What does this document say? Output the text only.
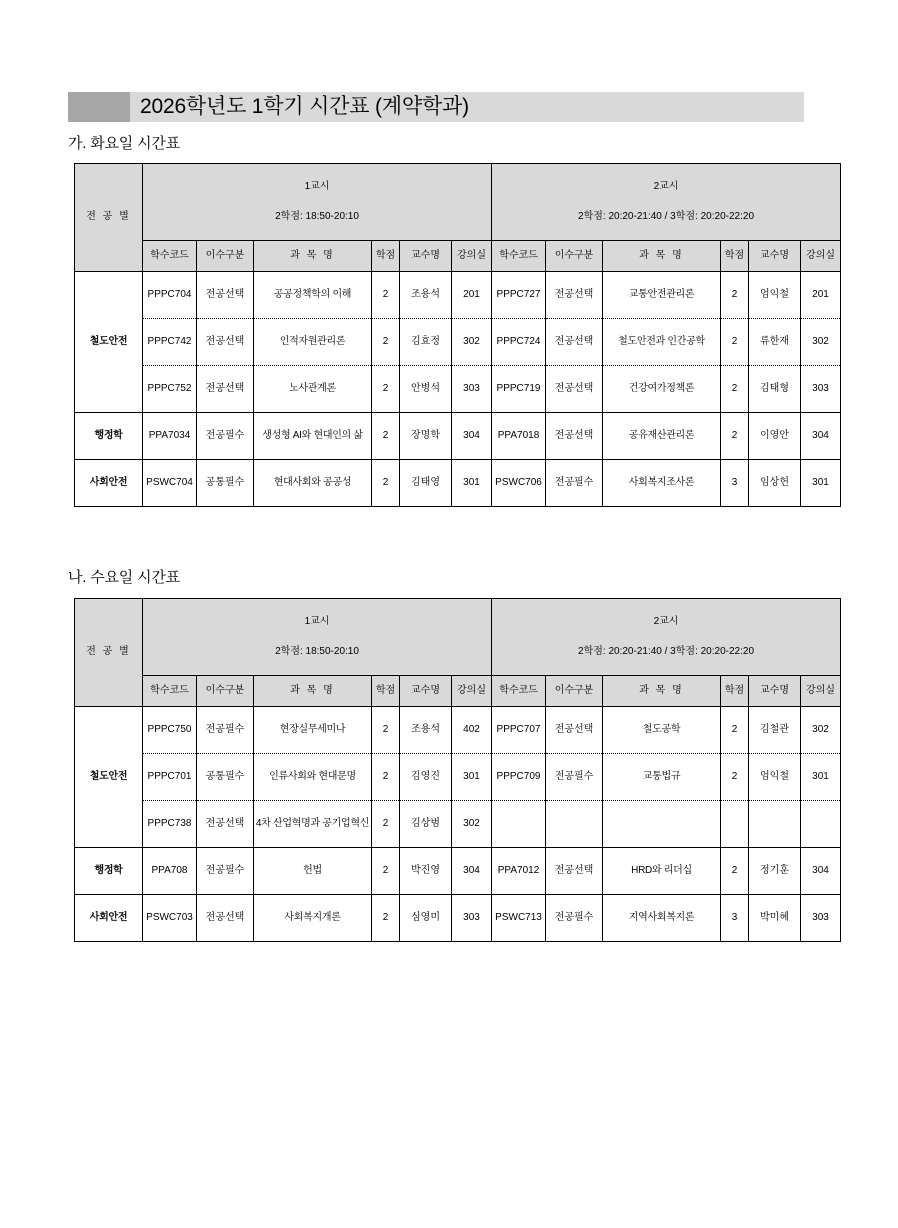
2026학년도 1학기 시간표 (계약학과)
가. 화요일 시간표
전 공 별	1교시
2학점: 18:50-20:10						2교시
2학점: 20:20-21:40 / 3학점: 20:20-22:20					

	학수코드	이수구분	과 목 명	학점	교수명	강의실	학수코드	이수구분	과 목 명	학점	교수명	강의실
철도안전	PPPC704	전공선택	공공정책학의 이해	2	조용석	201	PPPC727	전공선택	교통안전관리론	2	엄익철	201
	PPPC742	전공선택	인적자원관리론	2	김효정	302	PPPC724	전공선택	철도안전과 인간공학	2	류한재	302
	PPPC752	전공선택	노사관계론	2	안병석	303	PPPC719	전공선택	건강여가정책론	2	김태형	303
행정학	PPA7034	전공필수	생성형 AI와 현대인의 삶	2	장명학	304	PPA7018	전공선택	공유재산관리론	2	이영안	304
사회안전	PSWC704	공통필수	현대사회와 공공성	2	김태영	301	PSWC706	전공필수	사회복지조사론	3	임상헌	301
나. 수요일 시간표
전 공 별	1교시
2학점: 18:50-20:10						2교시
2학점: 20:20-21:40 / 3학점: 20:20-22:20					

	학수코드	이수구분	과 목 명	학점	교수명	강의실	학수코드	이수구분	과 목 명	학점	교수명	강의실
철도안전	PPPC750	전공필수	현장실무세미나	2	조용석	402	PPPC707	전공선택	철도공학	2	김철관	302
	PPPC701	공통필수	인류사회와 현대문명	2	김영진	301	PPPC709	전공필수	교통법규	2	엄익철	301
	PPPC738	전공선택	4차 산업혁명과 공기업혁신	2	김상범	302						
행정학	PPA708	전공필수	헌법	2	박진영	304	PPA7012	전공선택	HRD와 리더십	2	정기훈	304
사회안전	PSWC703	전공선택	사회복지개론	2	심영미	303	PSWC713	전공필수	지역사회복지론	3	박미혜	303
